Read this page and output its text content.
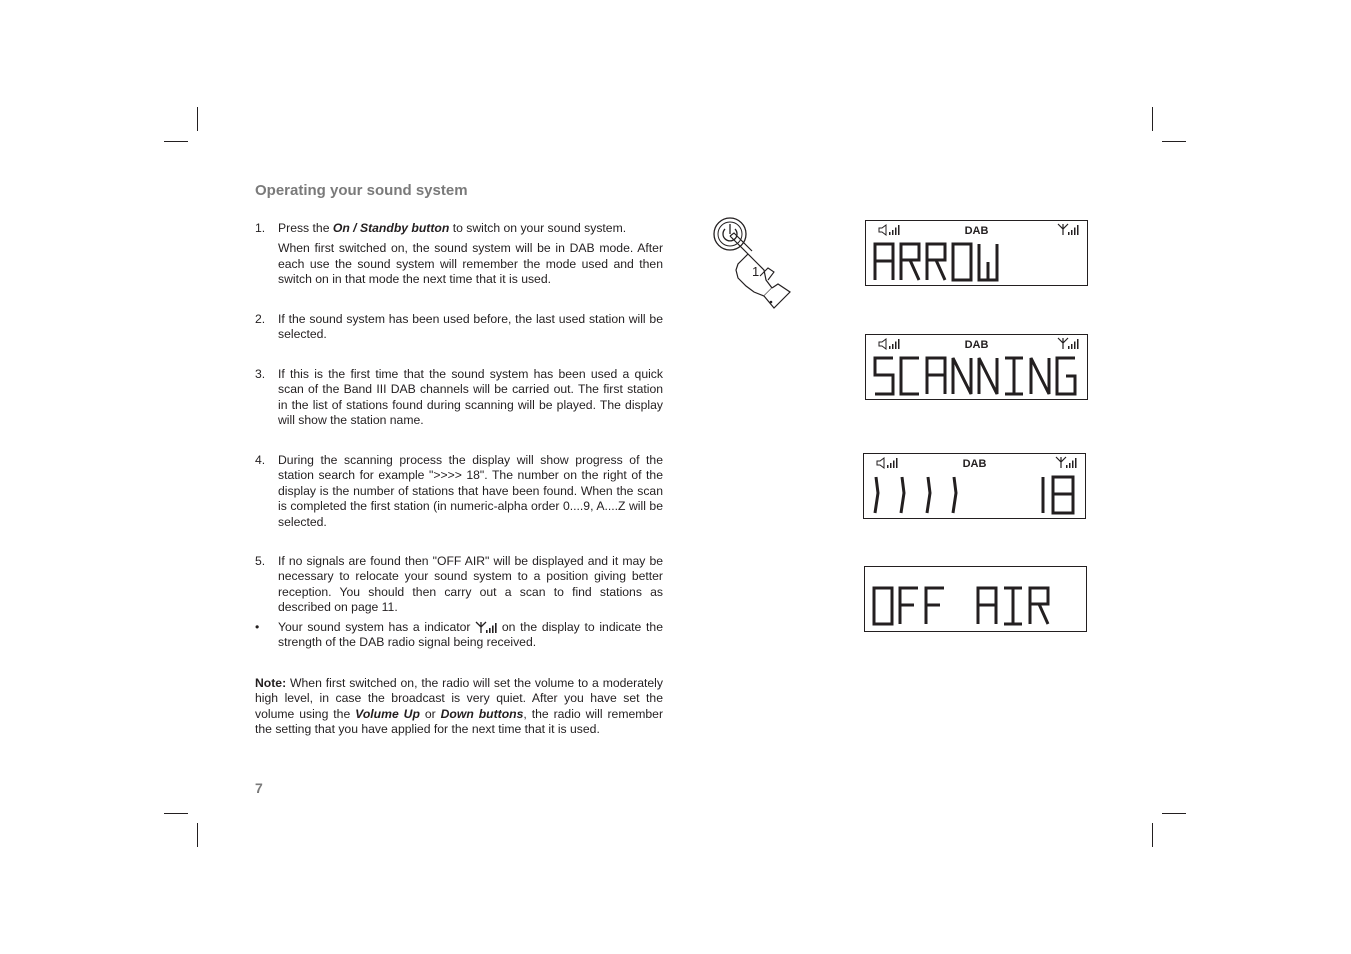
Operating your sound system
1. Press the On / Standby button to switch on your sound system.

When first switched on, the sound system will be in DAB mode. After each use the sound system will remember the mode used and then switch on in that mode the next time that it is used.

2. If the sound system has been used before, the last used station will be selected.

3. If this is the first time that the sound system has been used a quick scan of the Band III DAB channels will be carried out. The first station in the list of stations found during scanning will be played. The display will show the station name.

4. During the scanning process the display will show progress of the station search for example ">>>> 18". The number on the right of the display is the number of stations that have been found. When the scan is completed the first station (in numeric-alpha order 0....9, A....Z will be selected.

5. If no signals are found then "OFF AIR" will be displayed and it may be necessary to relocate your sound system to a position giving better reception. You should then carry out a scan to find stations as described on page 11.

• Your sound system has a indicator  on the display to indicate the strength of the DAB radio signal being received.

Note: When first switched on, the radio will set the volume to a moderately high level, in case the broadcast is very quiet. After you have set the volume using the Volume Up or Down buttons, the radio will remember the setting that you have applied for the next time that it is used.
7
1
DAB
DAB
DAB
